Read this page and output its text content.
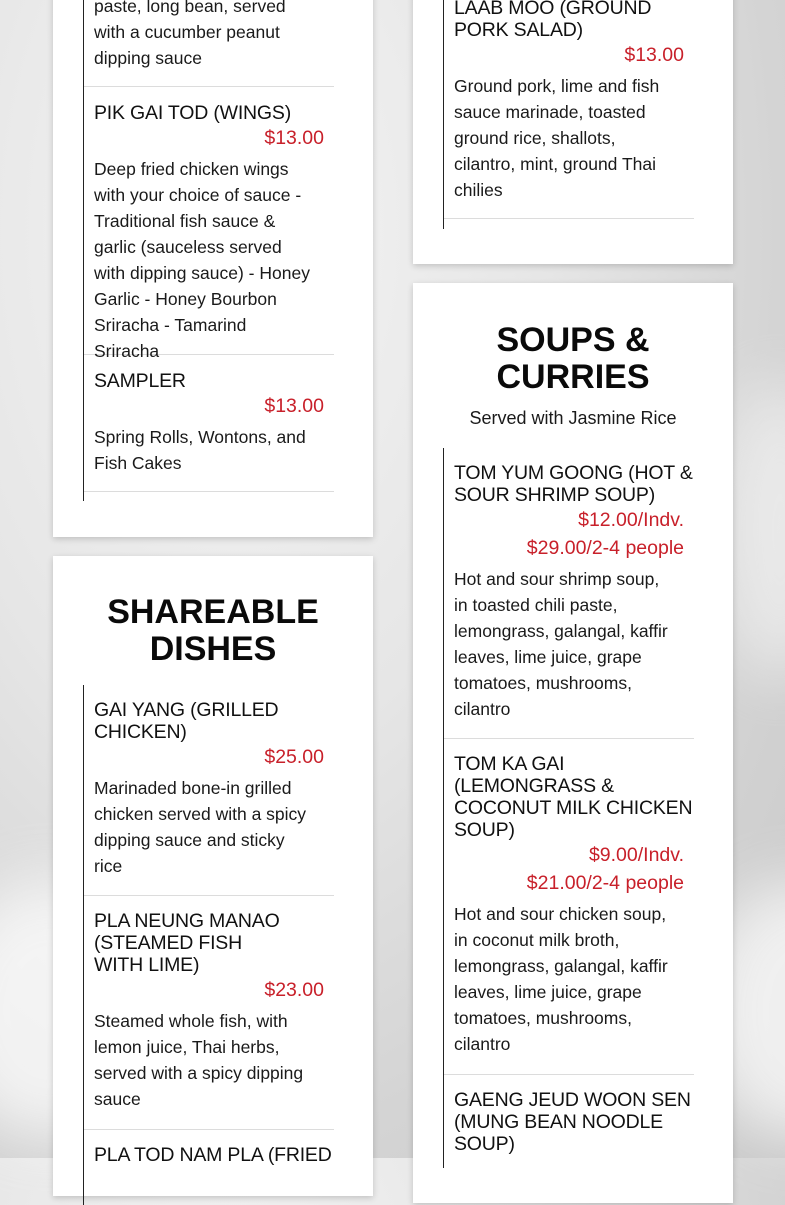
paste, long bean, served with a cucumber peanut dipping sauce

PIK GAI TOD (WINGS)

$13.00

Deep fried chicken wings with your choice of sauce - Traditional fish sauce & garlic (sauceless served with dipping sauce) - Honey Garlic - Honey Bourbon Sriracha - Tamarind Sriracha

SAMPLER

$13.00

Spring Rolls, Wontons, and Fish Cakes

LAAB MOO (GROUND PORK SALAD)

$13.00

Ground pork, lime and fish sauce marinade, toasted ground rice, shallots, cilantro, mint, ground Thai chilies

SHAREABLE
DISHES

GAI YANG (GRILLED CHICKEN)

$25.00

Marinaded bone-in grilled chicken served with a spicy dipping sauce and sticky rice

PLA NEUNG MANAO (STEAMED FISH WITH LIME)

$23.00

Steamed whole fish, with lemon juice, Thai herbs, served with a spicy dipping sauce

PLA TOD NAM PLA (FRIED

SOUPS &
CURRIES
Served with Jasmine Rice

TOM YUM GOONG (HOT & SOUR SHRIMP SOUP)

$12.00/Indv.
$29.00/2-4 people

Hot and sour shrimp soup, in toasted chili paste, lemongrass, galangal, kaffir leaves, lime juice, grape tomatoes, mushrooms, cilantro

TOM KA GAI (LEMONGRASS & COCONUT MILK CHICKEN SOUP)

$9.00/Indv.
$21.00/2-4 people

Hot and sour chicken soup, in coconut milk broth, lemongrass, galangal, kaffir leaves, lime juice, grape tomatoes, mushrooms, cilantro

GAENG JEUD WOON SEN (MUNG BEAN NOODLE SOUP)
